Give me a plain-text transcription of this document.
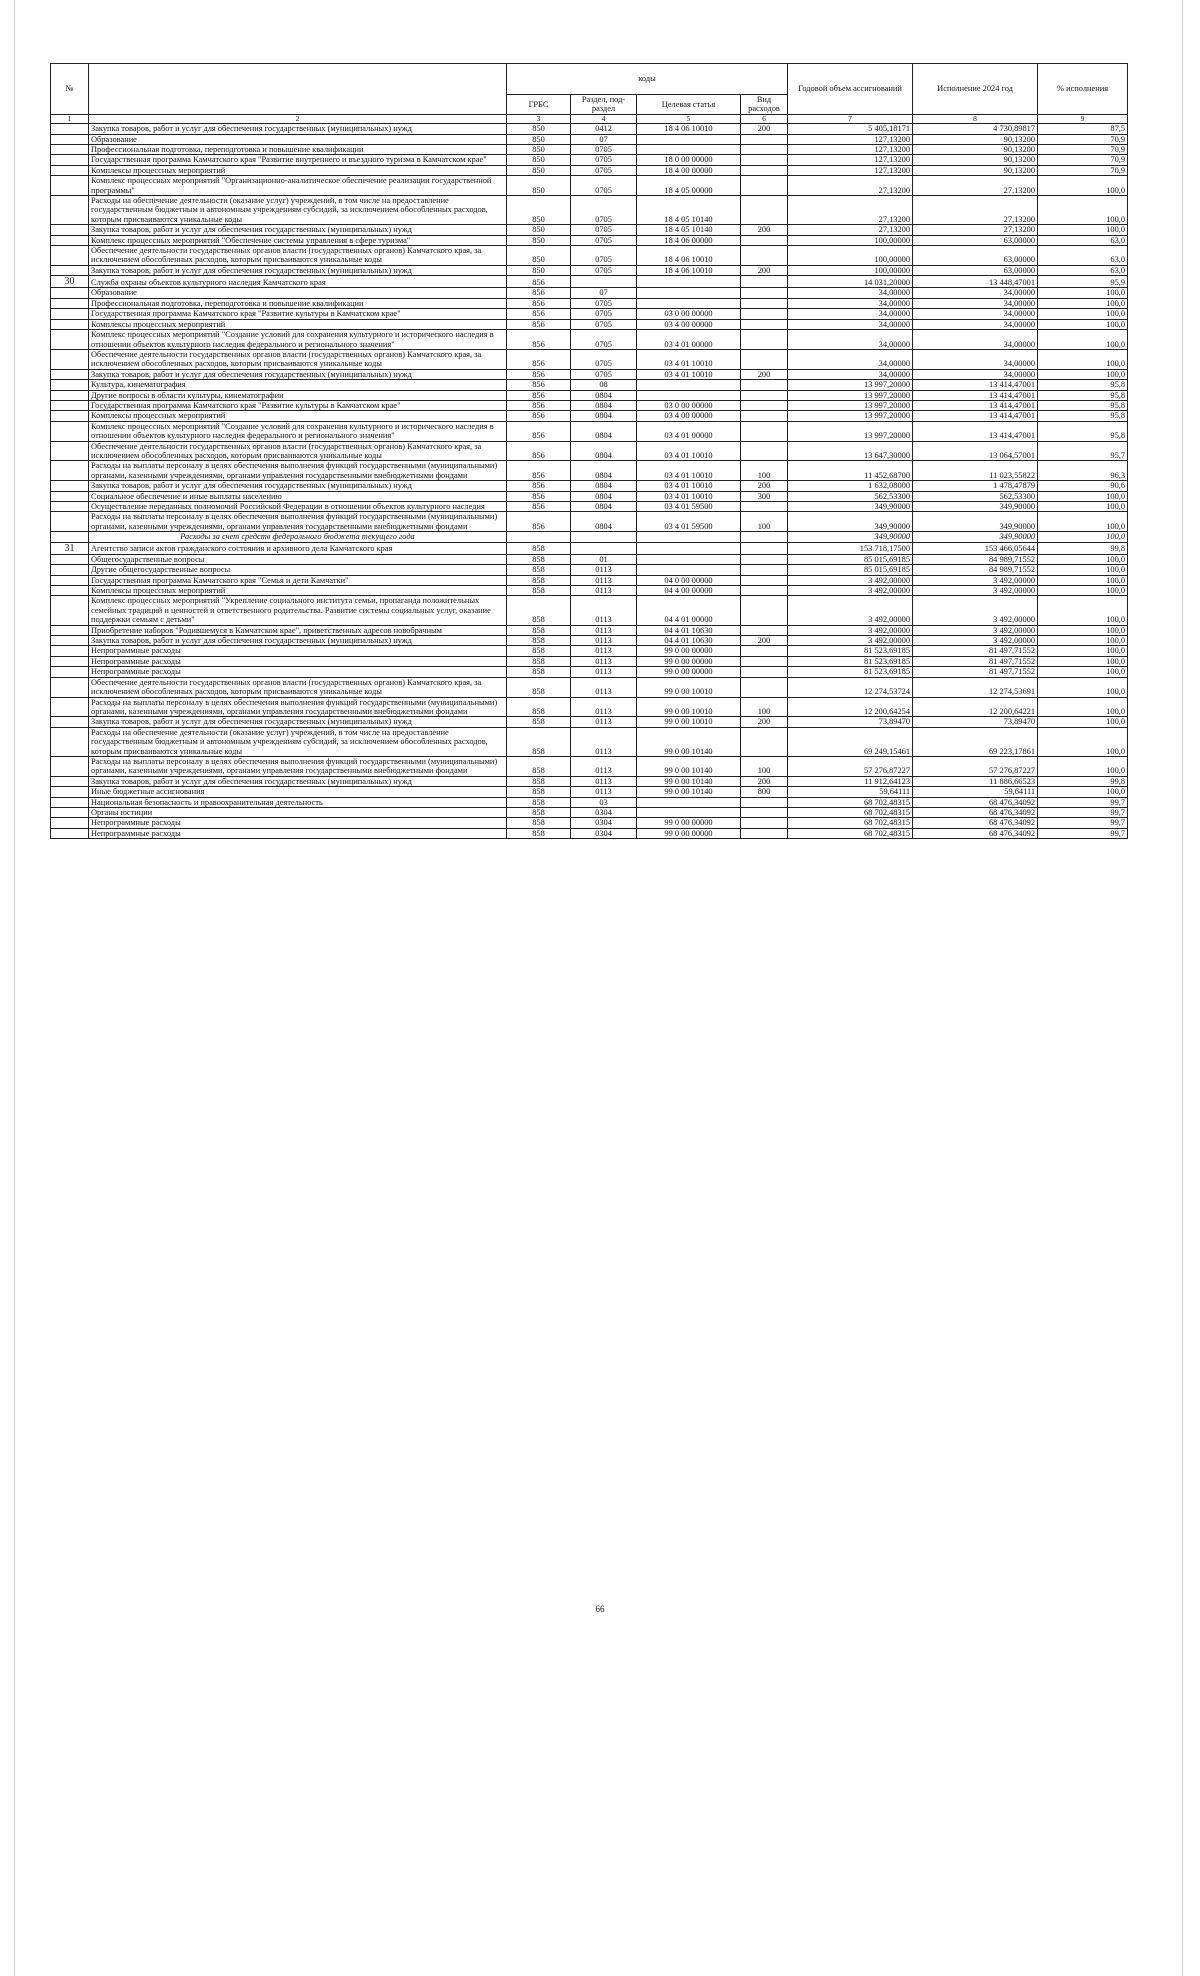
№		коды				Годовой объем ассигнований	Исполнение 2024 год	% исполнения
		ГРБС	Раздел, под- раздел	Целевая статья	Вид расходов			
1	2	3	4	5	6	7	8	9
	Закупка товаров, работ и услуг для обеспечения государственных (муниципальных) нужд	850	0412	18 4 06 10010	200	5 405,18171	4 730,89817	87,5
	Образование	850	07			127,13200	90,13200	70,9
	Профессиональная подготовка, переподготовка и повышение квалификации	850	0705			127,13200	90,13200	70,9
	Государственная программа Камчатского края "Развитие внутреннего и въездного туризма в Камчатском крае"	850	0705	18 0 00 00000		127,13200	90,13200	70,9
	Комплексы процессных мероприятий	850	0705	18 4 00 00000		127,13200	90,13200	70,9
	Комплекс процессных мероприятий "Организационно-аналитическое обеспечение реализации государственной программы"	850	0705	18 4 05 00000		27,13200	27,13200	100,0
	Расходы на обеспечение деятельности (оказание услуг) учреждений, в том числе на предоставление государственным бюджетным и автономным учреждениям субсидий, за исключением обособленных расходов, которым присваиваются уникальные коды	850	0705	18 4 05 10140		27,13200	27,13200	100,0
	Закупка товаров, работ и услуг для обеспечения государственных (муниципальных) нужд	850	0705	18 4 05 10140	200	27,13200	27,13200	100,0
	Комплекс процессных мероприятий "Обеспечение системы управления в сфере туризма"	850	0705	18 4 06 00000		100,00000	63,00000	63,0
	Обеспечение деятельности государственных органов власти (государственных органов) Камчатского края, за исключением обособленных расходов, которым присваиваются уникальные коды	850	0705	18 4 06 10010		100,00000	63,00000	63,0
	Закупка товаров, работ и услуг для обеспечения государственных (муниципальных) нужд	850	0705	18 4 06 10010	200	100,00000	63,00000	63,0
30	Служба охраны объектов культурного наследия Камчатского края	856				14 031,20000	13 448,47001	95,9
	Образование	856	07			34,00000	34,00000	100,0
	Профессиональная подготовка, переподготовка и повышение квалификации	856	0705			34,00000	34,00000	100,0
	Государственная программа Камчатского края "Развитие культуры в Камчатском крае"	856	0705	03 0 00 00000		34,00000	34,00000	100,0
	Комплексы процессных мероприятий	856	0705	03 4 00 00000		34,00000	34,00000	100,0
	Комплекс процессных мероприятий "Создание условий для сохранения культурного и исторического наследия в отношении объектов культурного наследия федерального и регионального значения"	856	0705	03 4 01 00000		34,00000	34,00000	100,0
	Обеспечение деятельности государственных органов власти (государственных органов) Камчатского края, за исключением обособленных расходов, которым присваиваются уникальные коды	856	0705	03 4 01 10010		34,00000	34,00000	100,0
	Закупка товаров, работ и услуг для обеспечения государственных (муниципальных) нужд	856	0705	03 4 01 10010	200	34,00000	34,00000	100,0
	Культура, кинематография	856	08			13 997,20000	13 414,47001	95,8
	Другие вопросы в области культуры, кинематографии	856	0804			13 997,20000	13 414,47001	95,8
	Государственная программа Камчатского края "Развитие культуры в Камчатском крае"	856	0804	03 0 00 00000		13 997,20000	13 414,47001	95,8
	Комплексы процессных мероприятий	856	0804	03 4 00 00000		13 997,20000	13 414,47001	95,8
	Комплекс процессных мероприятий "Создание условий для сохранения культурного и исторического наследия в отношении объектов культурного наследия федерального и регионального значения"	856	0804	03 4 01 00000		13 997,20000	13 414,47001	95,8
	Обеспечение деятельности государственных органов власти (государственных органов) Камчатского края, за исключением обособленных расходов, которым присваиваются уникальные коды	856	0804	03 4 01 10010		13 647,30000	13 064,57001	95,7
	Расходы на выплаты персоналу в целях обеспечения выполнения функций государственными (муниципальными) органами, казенными учреждениями, органами управления государственными внебюджетными фондами	856	0804	03 4 01 10010	100	11 452,68700	11 023,55822	96,3
	Закупка товаров, работ и услуг для обеспечения государственных (муниципальных) нужд	856	0804	03 4 01 10010	200	1 632,08000	1 478,47879	90,6
	Социальное обеспечение и иные выплаты населению	856	0804	03 4 01 10010	300	562,53300	562,53300	100,0
	Осуществление переданных полномочий Российской Федерации в отношении объектов культурного наследия	856	0804	03 4 01 59500		349,90000	349,90000	100,0
	Расходы на выплаты персоналу в целях обеспечения выполнения функций государственными (муниципальными) органами, казенными учреждениями, органами управления государственными внебюджетными фондами	856	0804	03 4 01 59500	100	349,90000	349,90000	100,0
	Расходы за счет средств федерального бюджета текущего года					349,90000	349,90000	100,0
31	Агентство записи актов гражданского состояния и архивного дела Камчатского края	858				153 718,17500	153 466,05644	99,8
	Общегосударственные вопросы	858	01			85 015,69185	84 989,71552	100,0
	Другие общегосударственные вопросы	858	0113			85 015,69185	84 989,71552	100,0
	Государственная программа Камчатского края "Семья и дети Камчатки"	858	0113	04 0 00 00000		3 492,00000	3 492,00000	100,0
	Комплексы процессных мероприятий	858	0113	04 4 00 00000		3 492,00000	3 492,00000	100,0
	Комплекс процессных мероприятий "Укрепление социального института семьи, пропаганда положительных семейных традиций и ценностей и ответственного родительства. Развитие системы социальных услуг, оказание поддержки семьям с детьми"	858	0113	04 4 01 00000		3 492,00000	3 492,00000	100,0
	Приобретение наборов "Родившемуся в Камчатском крае", приветственных адресов новобрачным	858	0113	04 4 01 10630		3 492,00000	3 492,00000	100,0
	Закупка товаров, работ и услуг для обеспечения государственных (муниципальных) нужд	858	0113	04 4 01 10630	200	3 492,00000	3 492,00000	100,0
	Непрограммные расходы	858	0113	99 0 00 00000		81 523,69185	81 497,71552	100,0
	Непрограммные расходы	858	0113	99 0 00 00000		81 523,69185	81 497,71552	100,0
	Непрограммные расходы	858	0113	99 0 00 00000		81 523,69185	81 497,71552	100,0
	Обеспечение деятельности государственных органов власти (государственных органов) Камчатского края, за исключением обособленных расходов, которым присваиваются уникальные коды	858	0113	99 0 00 10010		12 274,53724	12 274,53691	100,0
	Расходы на выплаты персоналу в целях обеспечения выполнения функций государственными (муниципальными) органами, казенными учреждениями, органами управления государственными внебюджетными фондами	858	0113	99 0 00 10010	100	12 200,64254	12 200,64221	100,0
	Закупка товаров, работ и услуг для обеспечения государственных (муниципальных) нужд	858	0113	99 0 00 10010	200	73,89470	73,89470	100,0
	Расходы на обеспечение деятельности (оказание услуг) учреждений, в том числе на предоставление государственным бюджетным и автономным учреждениям субсидий, за исключением обособленных расходов, которым присваиваются уникальные коды	858	0113	99 0 00 10140		69 249,15461	69 223,17861	100,0
	Расходы на выплаты персоналу в целях обеспечения выполнения функций государственными (муниципальными) органами, казенными учреждениями, органами управления государственными внебюджетными фондами	858	0113	99 0 00 10140	100	57 276,87227	57 276,87227	100,0
	Закупка товаров, работ и услуг для обеспечения государственных (муниципальных) нужд	858	0113	99 0 00 10140	200	11 912,64123	11 886,66523	99,8
	Иные бюджетные ассигнования	858	0113	99 0 00 10140	800	59,64111	59,64111	100,0
	Национальная безопасность и правоохранительная деятельность	858	03			68 702,48315	68 476,34092	99,7
	Органы юстиции	858	0304			68 702,48315	68 476,34092	99,7
	Непрограммные расходы	858	0304	99 0 00 00000		68 702,48315	68 476,34092	99,7
	Непрограммные расходы	858	0304	99 0 00 00000		68 702,48315	68 476,34092	99,7
66
